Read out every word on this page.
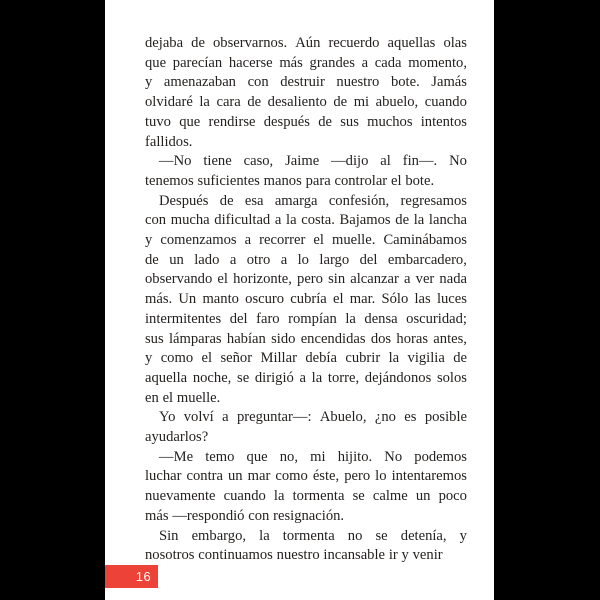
dejaba de observarnos. Aún recuerdo aquellas olas
que parecían hacerse más grandes a cada momento,
y amenazaban con destruir nuestro bote. Jamás
olvidaré la cara de desaliento de mi abuelo, cuando
tuvo que rendirse después de sus muchos intentos
fallidos.
—No tiene caso, Jaime —dijo al fin—. No
tenemos suficientes manos para controlar el bote.
Después de esa amarga confesión, regresamos
con mucha dificultad a la costa. Bajamos de la lancha
y comenzamos a recorrer el muelle. Caminábamos
de un lado a otro a lo largo del embarcadero,
observando el horizonte, pero sin alcanzar a ver nada
más. Un manto oscuro cubría el mar. Sólo las luces
intermitentes del faro rompían la densa oscuridad;
sus lámparas habían sido encendidas dos horas antes,
y como el señor Millar debía cubrir la vigilia de
aquella noche, se dirigió a la torre, dejándonos solos
en el muelle.
Yo volví a preguntar—: Abuelo, ¿no es posible
ayudarlos?
—Me temo que no, mi hijito. No podemos
luchar contra un mar como éste, pero lo intentaremos
nuevamente cuando la tormenta se calme un poco
más —respondió con resignación.
Sin embargo, la tormenta no se detenía, y
nosotros continuamos nuestro incansable ir y venir
16
